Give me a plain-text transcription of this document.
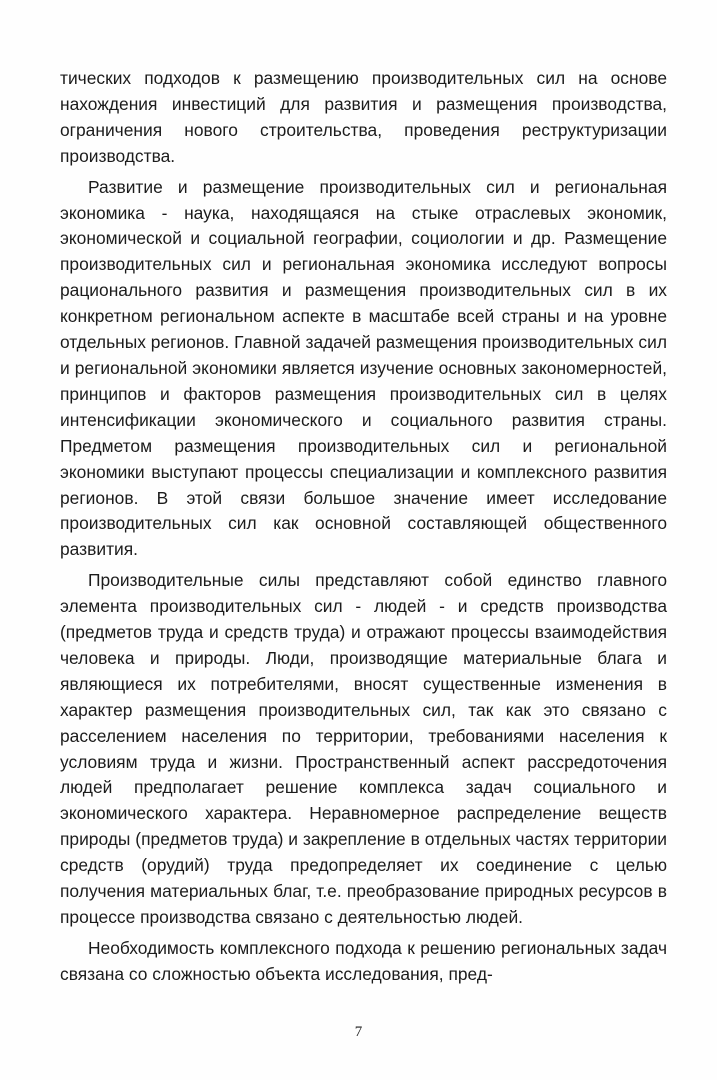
тических подходов к размещению производительных сил на основе нахождения инвестиций для развития и размещения производства, ограничения нового строительства, проведения реструктуризации производства.

Развитие и размещение производительных сил и региональная экономика - наука, находящаяся на стыке отраслевых экономик, экономической и социальной географии, социологии и др. Размещение производительных сил и региональная экономика исследуют вопросы рационального развития и размещения производительных сил в их конкретном региональном аспекте в масштабе всей страны и на уровне отдельных регионов. Главной задачей размещения производительных сил и региональной экономики является изучение основных закономерностей, принципов и факторов размещения производительных сил в целях интенсификации экономического и социального развития страны. Предметом размещения производительных сил и региональной экономики выступают процессы специализации и комплексного развития регионов. В этой связи большое значение имеет исследование производительных сил как основной составляющей общественного развития.

Производительные силы представляют собой единство главного элемента производительных сил - людей - и средств производства (предметов труда и средств труда) и отражают процессы взаимодействия человека и природы. Люди, производящие материальные блага и являющиеся их потребителями, вносят существенные изменения в характер размещения производительных сил, так как это связано с расселением населения по территории, требованиями населения к условиям труда и жизни. Пространственный аспект рассредоточения людей предполагает решение комплекса задач социального и экономического характера. Неравномерное распределение веществ природы (предметов труда) и закрепление в отдельных частях территории средств (орудий) труда предопределяет их соединение с целью получения материальных благ, т.е. преобразование природных ресурсов в процессе производства связано с деятельностью людей.

Необходимость комплексного подхода к решению региональных задач связана со сложностью объекта исследования, пред-

7
